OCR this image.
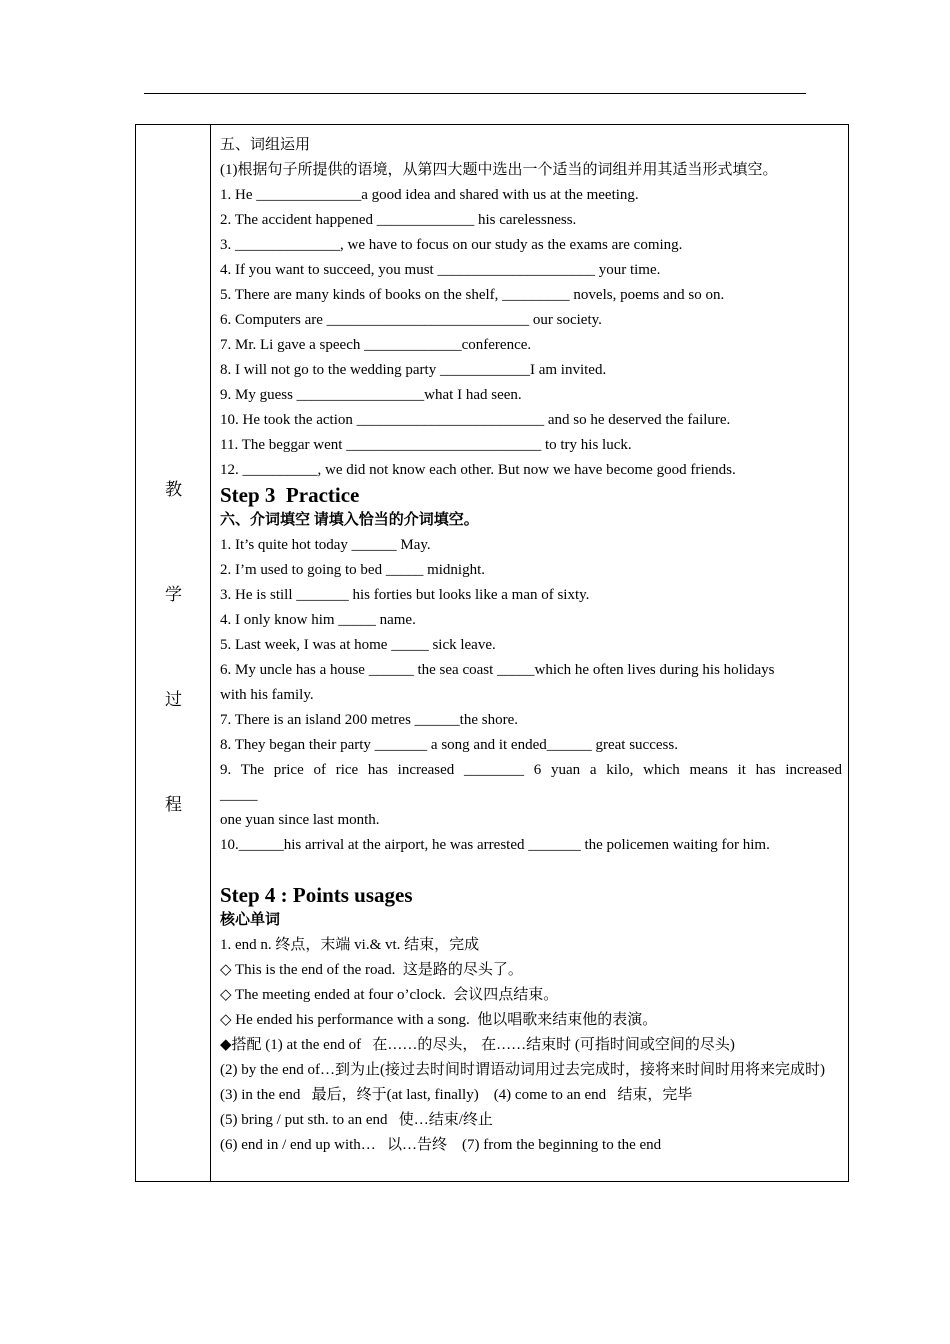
教
学
过
程
五、词组运用
(1)根据句子所提供的语境，从第四大题中选出一个适当的词组并用其适当形式填空。
1. He ______________a good idea and shared with us at the meeting.
2. The accident happened _____________ his carelessness.
3. ______________, we have to focus on our study as the exams are coming.
4. If you want to succeed, you must _____________________ your time.
5. There are many kinds of books on the shelf, _________ novels, poems and so on.
6. Computers are ___________________________ our society.
7. Mr. Li gave a speech _____________conference.
8. I will not go to the wedding party ____________I am invited.
9. My guess _________________what I had seen.
10. He took the action _________________________ and so he deserved the failure.
11. The beggar went __________________________ to try his luck.
12. __________, we did not know each other. But now we have become good friends.
Step 3  Practice
六、介词填空 请填入恰当的介词填空。
1. It’s quite hot today ______ May.
2. I’m used to going to bed _____ midnight.
3. He is still _______ his forties but looks like a man of sixty.
4. I only know him _____ name.
5. Last week, I was at home _____ sick leave.
6. My uncle has a house ______ the sea coast _____which he often lives during his holidays
with his family.
7. There is an island 200 metres ______the shore.
8. They began their party _______ a song and it ended______ great success.
9. The price of rice has increased ________ 6 yuan a kilo, which means it has increased
_____
one yuan since last month.
10.______his arrival at the airport, he was arrested _______ the policemen waiting for him.
Step 4 : Points usages
核心单词
1. end n. 终点，末端 vi.& vt. 结束，完成
◇ This is the end of the road.  这是路的尽头了。
◇ The meeting ended at four o’clock.  会议四点结束。
◇ He ended his performance with a song.  他以唱歌来结束他的表演。
◆搭配 (1) at the end of   在……的尽头， 在……结束时 (可指时间或空间的尽头)
(2) by the end of…到为止(接过去时间时谓语动词用过去完成时，接将来时间时用将来完成时)
(3) in the end   最后，终于(at last, finally)    (4) come to an end   结束，完毕
(5) bring / put sth. to an end   使…结束/终止
(6) end in / end up with…   以…告终    (7) from the beginning to the end
